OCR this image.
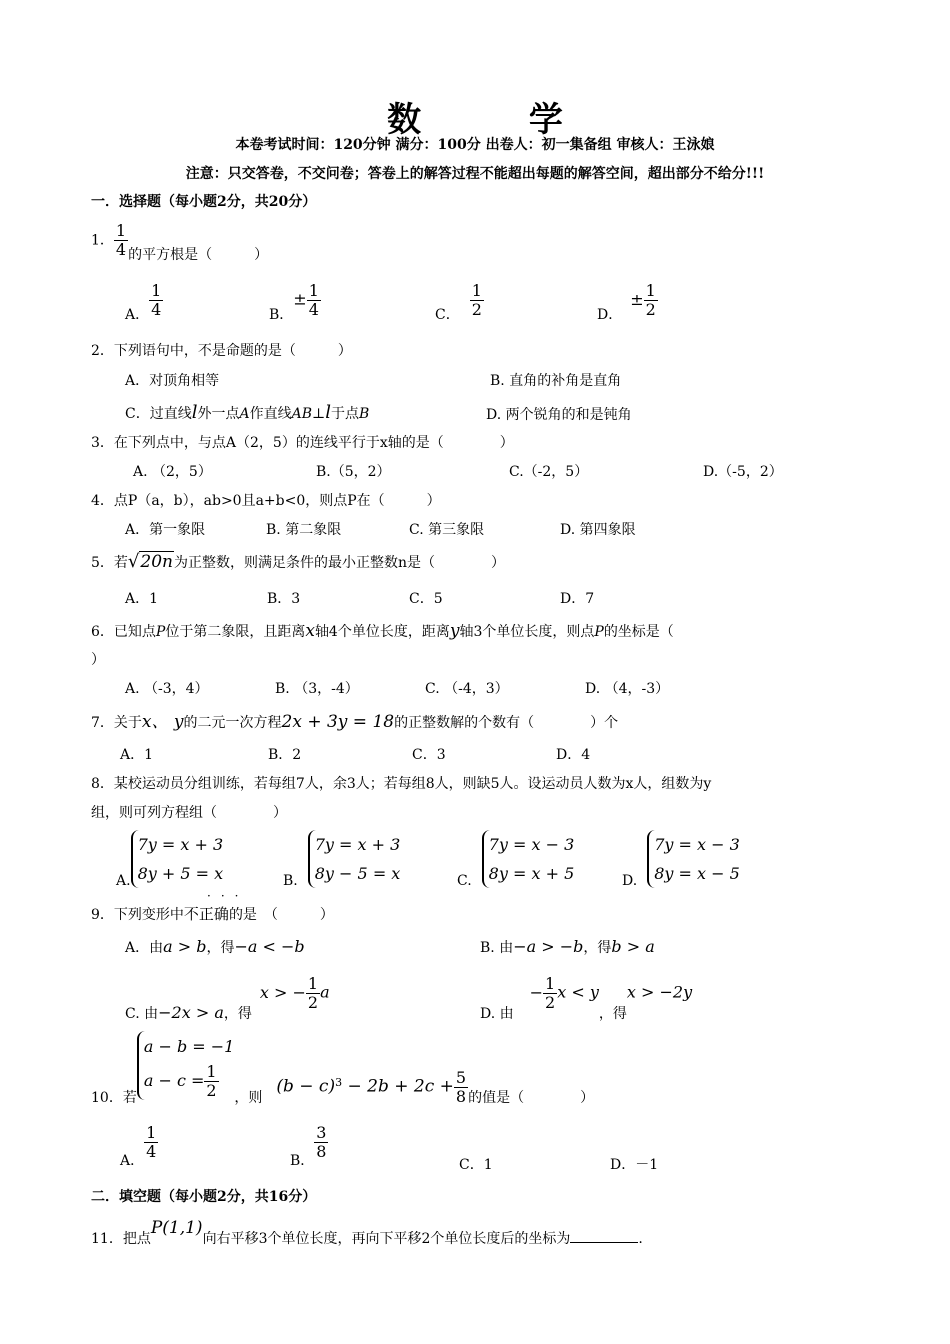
数 学
本卷考试时间：120分钟 满分：100分 出卷人：初一集备组 审核人：王泳娘
注意：只交答卷，不交问卷；答卷上的解答过程不能超出每题的解答空间，超出部分不给分!!!
一．选择题（每小题2分，共20分）
1． $\frac{1}{4}$ 的平方根是（　　　）
A． $\frac{1}{4}$	B．± $\frac{1}{4}$	C． $\frac{1}{2}$	D．± $\frac{1}{2}$
2．下列语句中，不是命题的是（　　　）
A．对顶角相等	B. 直角的补角是直角
C．过直线l外一点A作直线AB⊥l于点B	D. 两个锐角的和是钝角
3．在下列点中，与点A（2，5）的连线平行于x轴的是（　　　　）
A. （2，5）	B.（5，2）	C.（-2，5）	D.（-5，2）
4．点P（a，b），ab>0且a+b<0，则点P在（　　　）
A．第一象限	B. 第二象限	C. 第三象限	D. 第四象限
5．若√20n为正整数，则满足条件的最小正整数n是（　　　　）
A．1	B．3	C．5	D．7
6．已知点P位于第二象限，且距离x轴4个单位长度，距离y轴3个单位长度，则点P的坐标是（
）
A. （-3，4）	B. （3，-4）	C. （-4，3）	D. （4，-3）
7．关于x、 y的二元一次方程2x + 3y = 18的正整数解的个数有（　　　　）个
A．1	B．2	C．3	D．4
8．某校运动员分组训练，若每组7人，余3人；若每组8人，则缺5人。设运动员人数为x人，组数为y
组，则可列方程组（　　　　）
A.
7y = x + 3
8y + 5 = x	B.
7y = x + 3
8y − 5 = x	C.
7y = x − 3
8y = x + 5	D.
7y = x − 3
8y = x − 5
···
9．下列变形中不正确的是　（　　　）
A．由a > b，得−a < −b	B. 由−a > −b，得b > a
C. 由−2x > a，得x > − $\frac{1}{2}$ a
D. 由− $\frac{1}{2}$ x < y，得x > −2y
10．若
a − b = −1
$a - c = \frac{1}{2}$ ，则$(b - c)^3 - 2b + 2c + \frac{5}{8}$ 的值是（　　　　）
A． $\frac{1}{4}$	B． $\frac{3}{8}$
C．1	D．－1
二．填空题（每小题2分，共16分）
11．把点P(1,1)向右平移3个单位长度，再向下平移2个单位长度后的坐标为	.
